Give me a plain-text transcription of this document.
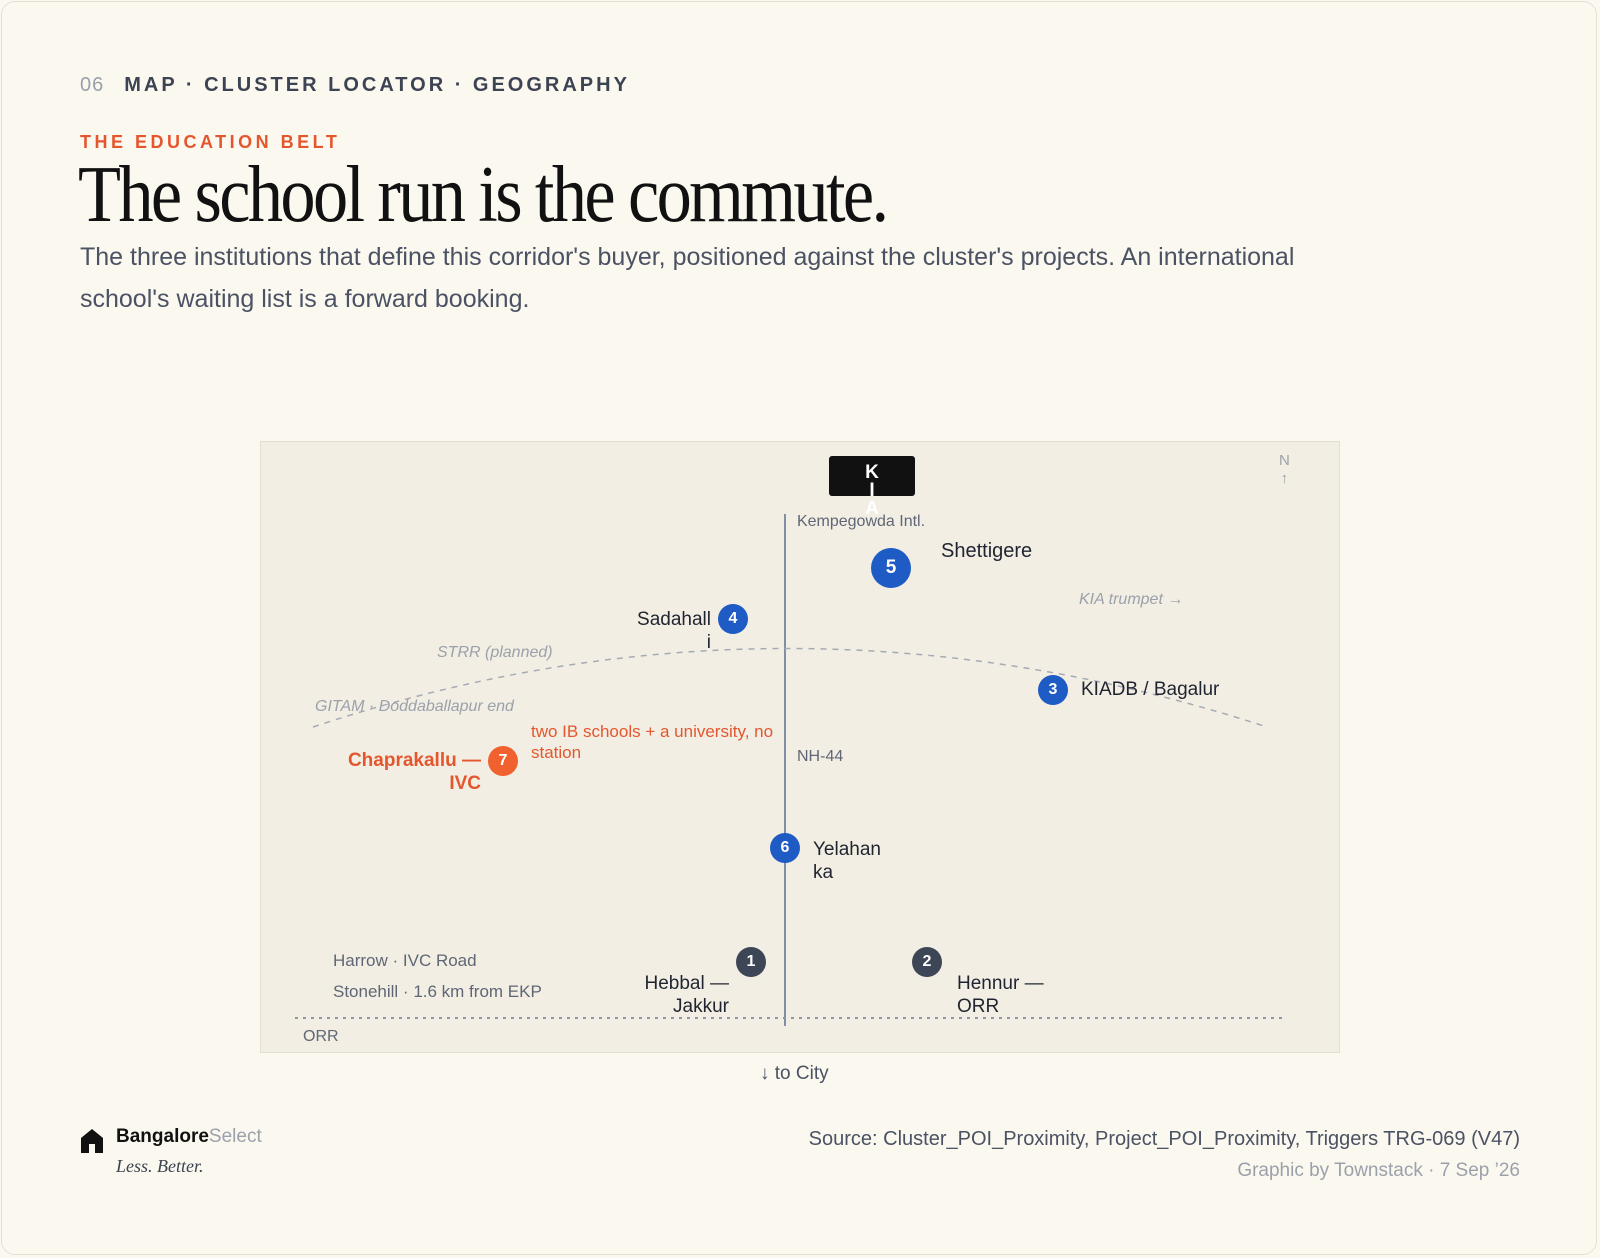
06 MAP · CLUSTER LOCATOR · GEOGRAPHY
THE EDUCATION BELT
The school run is the commute.

The three institutions that define this corridor's buyer, positioned against the cluster's projects. An international school's waiting list is a forward booking.

KIA
Kempegowda Intl.
N
↑
KIA trumpet →
STRR (planned)
GITAM · Doddaballapur end
NH-44
ORR
5
Shettigere
4
Sadahalli
3	KIADB / Bagalur
two IB schools + a university, no station
7
Chaprakallu — IVC
6	Yelahanka
Harrow · IVC Road
Stonehill · 1.6 km from EKP
1
Hebbal — Jakkur
2
Hennur — ORR
↓ to City
BangaloreSelect
Less. Better.
Source: Cluster_POI_Proximity, Project_POI_Proximity, Triggers TRG-069 (V47)
Graphic by Townstack · 7 Sep ’26
